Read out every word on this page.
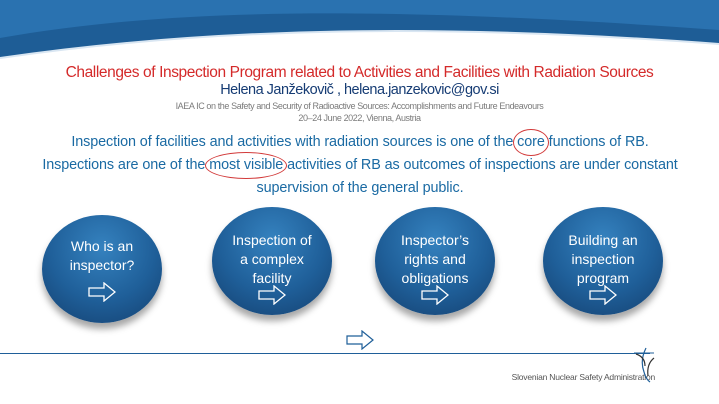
Challenges of Inspection Program related to Activities and Facilities with Radiation Sources
Helena Janžekovič , helena.janzekovic@gov.si
IAEA IC on the Safety and Security of Radioactive Sources: Accomplishments and Future Endeavours
20–24 June 2022, Vienna, Austria
Inspection of facilities and activities with radiation sources is one of the core functions of RB.
Inspections are one of the most visible activities of RB as outcomes of inspections are under constant
supervision of the general public.
Who is an
inspector?
Inspection of
a complex
facility
Inspector’s
rights and
obligations
Building an
inspection
program
Slovenian Nuclear Safety Administration
